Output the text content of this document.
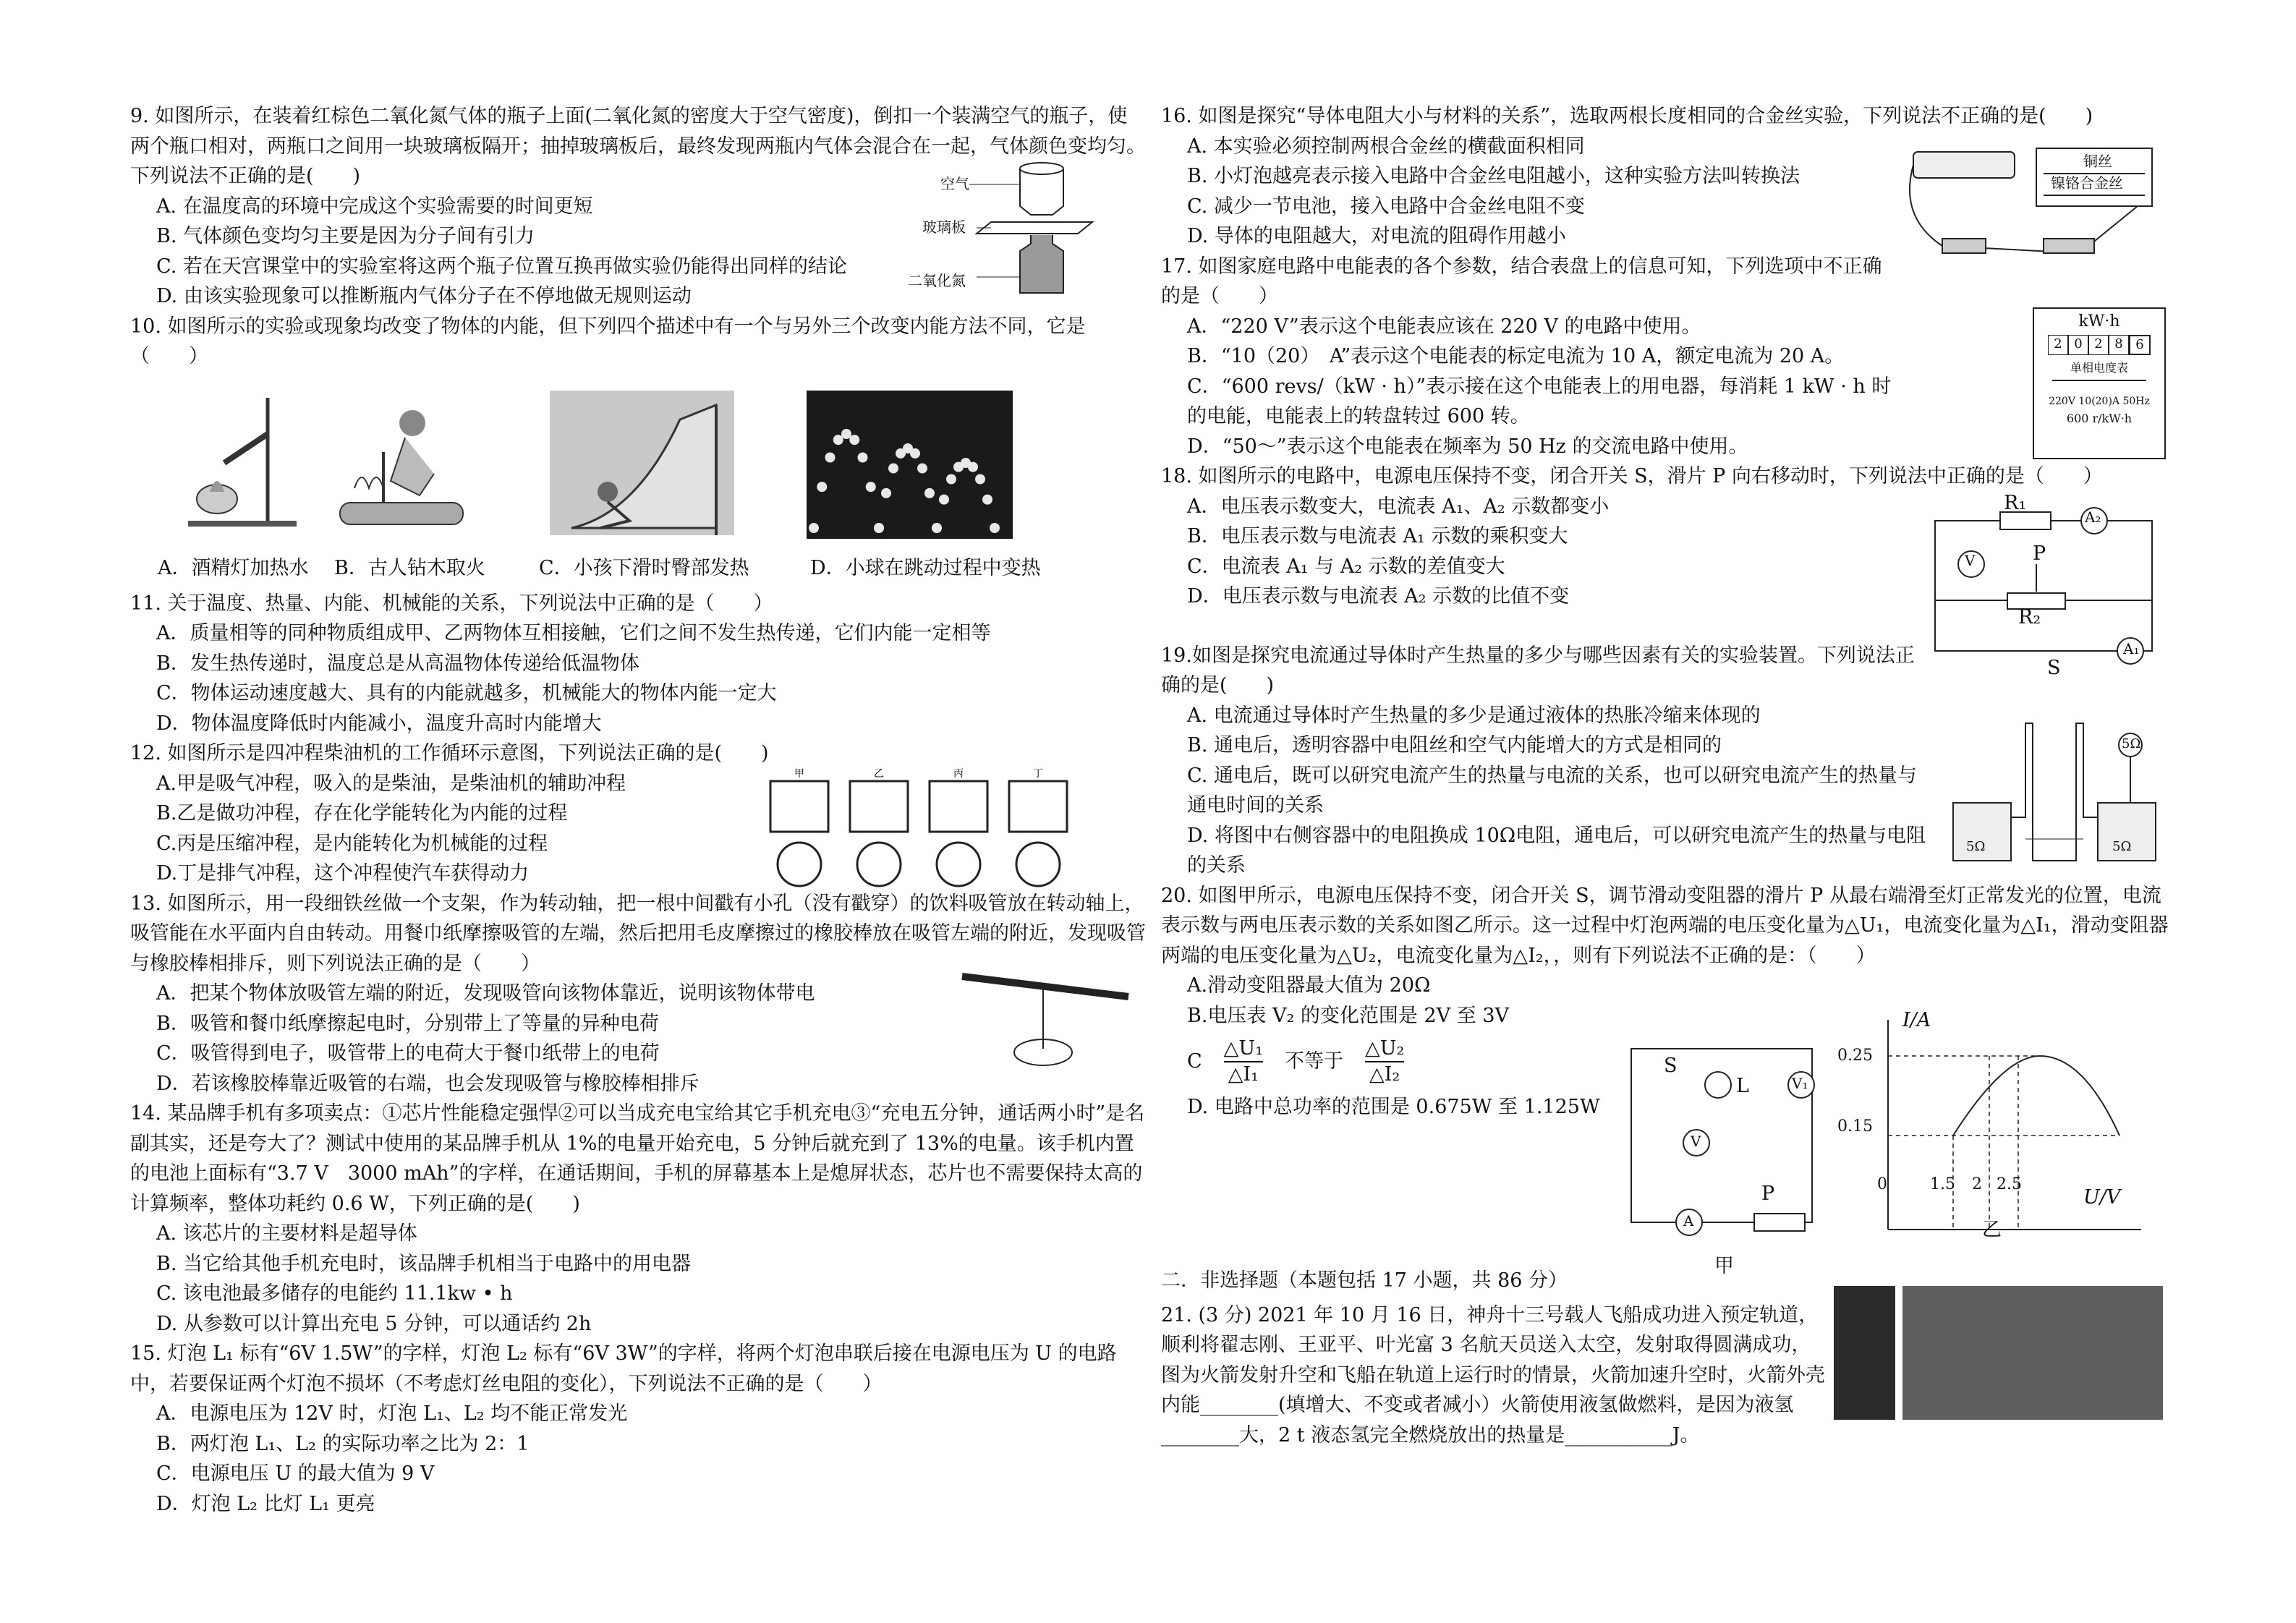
9. 如图所示，在装着红棕色二氧化氮气体的瓶子上面(二氧化氮的密度大于空气密度)，倒扣一个装满空气的瓶子，使两个瓶口相对，两瓶口之间用一块玻璃板隔开；抽掉玻璃板后，最终发现两瓶内气体会混合在一起，气体颜色变均匀。下列说法不正确的是(　　)
A. 在温度高的环境中完成这个实验需要的时间更短
B. 气体颜色变均匀主要是因为分子间有引力
C. 若在天宫课堂中的实验室将这两个瓶子位置互换再做实验仍能得出同样的结论
D. 由该实验现象可以推断瓶内气体分子在不停地做无规则运动

10. 如图所示的实验或现象均改变了物体的内能，但下列四个描述中有一个与另外三个改变内能方法不同，它是（　　）

11. 关于温度、热量、内能、机械能的关系，下列说法中正确的是（　　）
A．质量相等的同种物质组成甲、乙两物体互相接触，它们之间不发生热传递，它们内能一定相等
B．发生热传递时，温度总是从高温物体传递给低温物体
C．物体运动速度越大、具有的内能就越多，机械能大的物体内能一定大
D．物体温度降低时内能减小，温度升高时内能增大

12. 如图所示是四冲程柴油机的工作循环示意图，下列说法正确的是(　　)
A.甲是吸气冲程，吸入的是柴油，是柴油机的辅助冲程
B.乙是做功冲程，存在化学能转化为内能的过程
C.丙是压缩冲程，是内能转化为机械能的过程
D.丁是排气冲程，这个冲程使汽车获得动力

13. 如图所示，用一段细铁丝做一个支架，作为转动轴，把一根中间戳有小孔（没有戳穿）的饮料吸管放在转动轴上，吸管能在水平面内自由转动。用餐巾纸摩擦吸管的左端，然后把用毛皮摩擦过的橡胶棒放在吸管左端的附近，发现吸管与橡胶棒相排斥，则下列说法正确的是（　　）
A．把某个物体放吸管左端的附近，发现吸管向该物体靠近，说明该物体带电
B．吸管和餐巾纸摩擦起电时，分别带上了等量的异种电荷
C．吸管得到电子，吸管带上的电荷大于餐巾纸带上的电荷
D．若该橡胶棒靠近吸管的右端，也会发现吸管与橡胶棒相排斥

14. 某品牌手机有多项卖点：①芯片性能稳定强悍②可以当成充电宝给其它手机充电③“充电五分钟，通话两小时”是名副其实，还是夸大了？测试中使用的某品牌手机从 1%的电量开始充电，5 分钟后就充到了 13%的电量。该手机内置的电池上面标有“3.7 V　3000 mAh”的字样，在通话期间，手机的屏幕基本上是熄屏状态，芯片也不需要保持太高的计算频率，整体功耗约 0.6 W，下列正确的是(　　)
A. 该芯片的主要材料是超导体
B. 当它给其他手机充电时，该品牌手机相当于电路中的用电器
C. 该电池最多储存的电能约 11.1kw • h
D. 从参数可以计算出充电 5 分钟，可以通话约 2h

15. 灯泡 L₁ 标有“6V 1.5W”的字样，灯泡 L₂ 标有“6V 3W”的字样，将两个灯泡串联后接在电源电压为 U 的电路中，若要保证两个灯泡不损坏（不考虑灯丝电阻的变化），下列说法不正确的是（　　）
A．电源电压为 12V 时，灯泡 L₁、L₂ 均不能正常发光
B．两灯泡 L₁、L₂ 的实际功率之比为 2：1
C．电源电压 U 的最大值为 9 V
D．灯泡 L₂ 比灯 L₁ 更亮

空气
玻璃板
二氧化氮
A．酒精灯加热水 B．古人钻木取火	C．小孩下滑时臀部发热	D．小球在跳动过程中变热
甲	乙	丙	丁

16. 如图是探究“导体电阻大小与材料的关系”，选取两根长度相同的合金丝实验，下列说法不正确的是(　　)
A. 本实验必须控制两根合金丝的横截面积相同
B. 小灯泡越亮表示接入电路中合金丝电阻越小，这种实验方法叫转换法
C. 减少一节电池，接入电路中合金丝电阻不变
D. 导体的电阻越大，对电流的阻碍作用越小

17. 如图家庭电路中电能表的各个参数，结合表盘上的信息可知，下列选项中不正确的是（　　）
A．“220 V”表示这个电能表应该在 220 V 的电路中使用。
B．“10（20）　A”表示这个电能表的标定电流为 10 A，额定电流为 20 A。
C．“600 revs/（kW · h）”表示接在这个电能表上的用电器，每消耗 1 kW · h 时的电能，电能表上的转盘转过 600 转。
D．“50～”表示这个电能表在频率为 50 Hz 的交流电路中使用。

18. 如图所示的电路中，电源电压保持不变，闭合开关 S，滑片 P 向右移动时，下列说法中正确的是（　　）
A．电压表示数变大，电流表 A₁、A₂ 示数都变小
B．电压表示数与电流表 A₁ 示数的乘积变大
C．电流表 A₁ 与 A₂ 示数的差值变大
D．电压表示数与电流表 A₂ 示数的比值不变

19.如图是探究电流通过导体时产生热量的多少与哪些因素有关的实验装置。下列说法正确的是(　　)
A. 电流通过导体时产生热量的多少是通过液体的热胀冷缩来体现的
B. 通电后，透明容器中电阻丝和空气内能增大的方式是相同的
C. 通电后，既可以研究电流产生的热量与电流的关系，也可以研究电流产生的热量与通电时间的关系
D. 将图中右侧容器中的电阻换成 10Ω电阻，通电后，可以研究电流产生的热量与电阻的关系

20. 如图甲所示，电源电压保持不变，闭合开关 S，调节滑动变阻器的滑片 P 从最右端滑至灯正常发光的位置，电流表示数与两电压表示数的关系如图乙所示。这一过程中灯泡两端的电压变化量为△U₁，电流变化量为△I₁，滑动变阻器两端的电压变化量为△U₂，电流变化量为△I₂，，则有下列说法不正确的是：（　　）
A.滑动变阻器最大值为 20Ω
B.电压表 V₂ 的变化范围是 2V 至 3V
C
△U₁
△I₁
不等于
△U₂
△I₂
D. 电路中总功率的范围是 0.675W 至 1.125W

铜丝
镍铬合金丝
kW·h
2 0 2 8 6
单相电度表
220V 10(20)A 50Hz
600 r/kW·h
R₁
A₂
V	P
R₂
S
A₁
5Ω	5Ω
5Ω
S
L	V₁
V
A
P
甲
I/A
U/V
0.25
0.15
0	1.5 2 2.5
乙
二．非选择题（本题包括 17 小题，共 86 分）
21. (3 分) 2021 年 10 月 16 日，神舟十三号载人飞船成功进入预定轨道，顺利将翟志刚、王亚平、叶光富 3 名航天员送入太空，发射取得圆满成功，图为火箭发射升空和飞船在轨道上运行时的情景，火箭加速升空时，火箭外壳内能________(填增大、不变或者减小）火箭使用液氢做燃料，是因为液氢________大，2 t 液态氢完全燃烧放出的热量是___________J。
